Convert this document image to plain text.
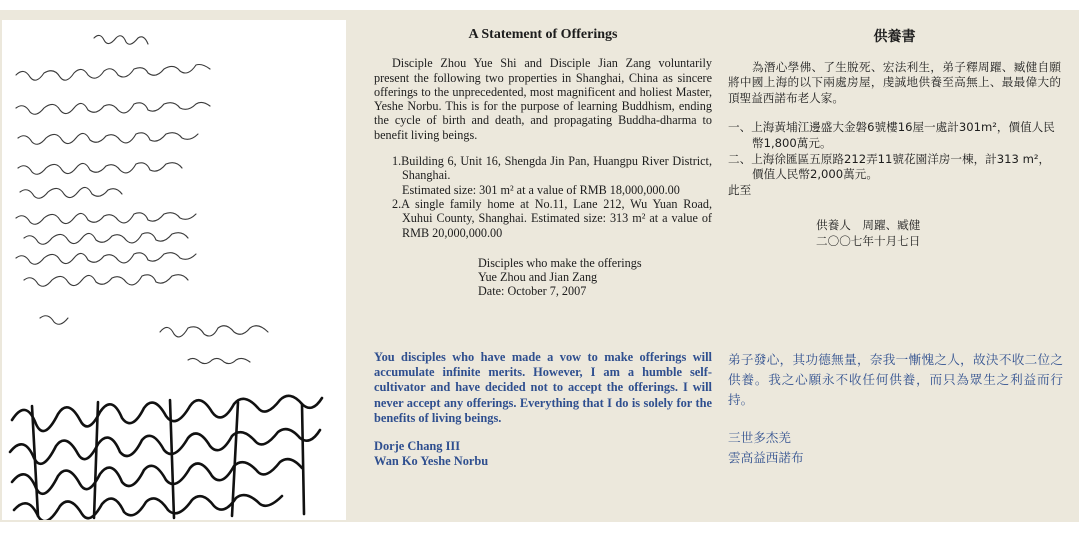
A Statement of Offerings

Disciple Zhou Yue Shi and Disciple Jian Zang voluntarily present the following two properties in Shanghai, China as sincere offerings to the unprecedented, most magnificent and holiest Master, Yeshe Norbu. This is for the purpose of learning Buddhism, ending the cycle of birth and death, and propagating Buddha-dharma to benefit living beings.

1.Building 6, Unit 16, Shengda Jin Pan, Huangpu River District, Shanghai.
Estimated size: 301 m² at a value of RMB 18,000,000.00
2.A single family home at No.11, Lane 212, Wu Yuan Road, Xuhui County, Shanghai. Estimated size: 313 m² at a value of RMB 20,000,000.00
Disciples who make the offerings
Yue Zhou and Jian Zang
Date: October 7, 2007

You disciples who have made a vow to make offerings will accumulate infinite merits. However, I am a humble self-cultivator and have decided not to accept the offerings. I will never accept any offerings. Everything that I do is solely for the benefits of living beings.

Dorje Chang III
Wan Ko Yeshe Norbu
供養書

為潛心學佛、了生脫死、宏法利生，弟子釋周躍、臧健自願將中國上海的以下兩處房屋，虔誠地供養至高無上、最最偉大的頂聖益西諾布老人家。

一、上海黃埔江邊盛大金磐6號樓16屋一處計301m²，價值人民幣1,800萬元。
二、上海徐匯區五原路212弄11號花園洋房一棟，計313 m²，價值人民幣2,000萬元。

此至

供養人　周躍、臧健
二〇〇七年十月七日

弟子發心，其功德無量，奈我一慚愧之人，故決不收二位之供養。我之心願永不收任何供養，而只為眾生之利益而行持。

三世多杰羌
雲高益西諾布
